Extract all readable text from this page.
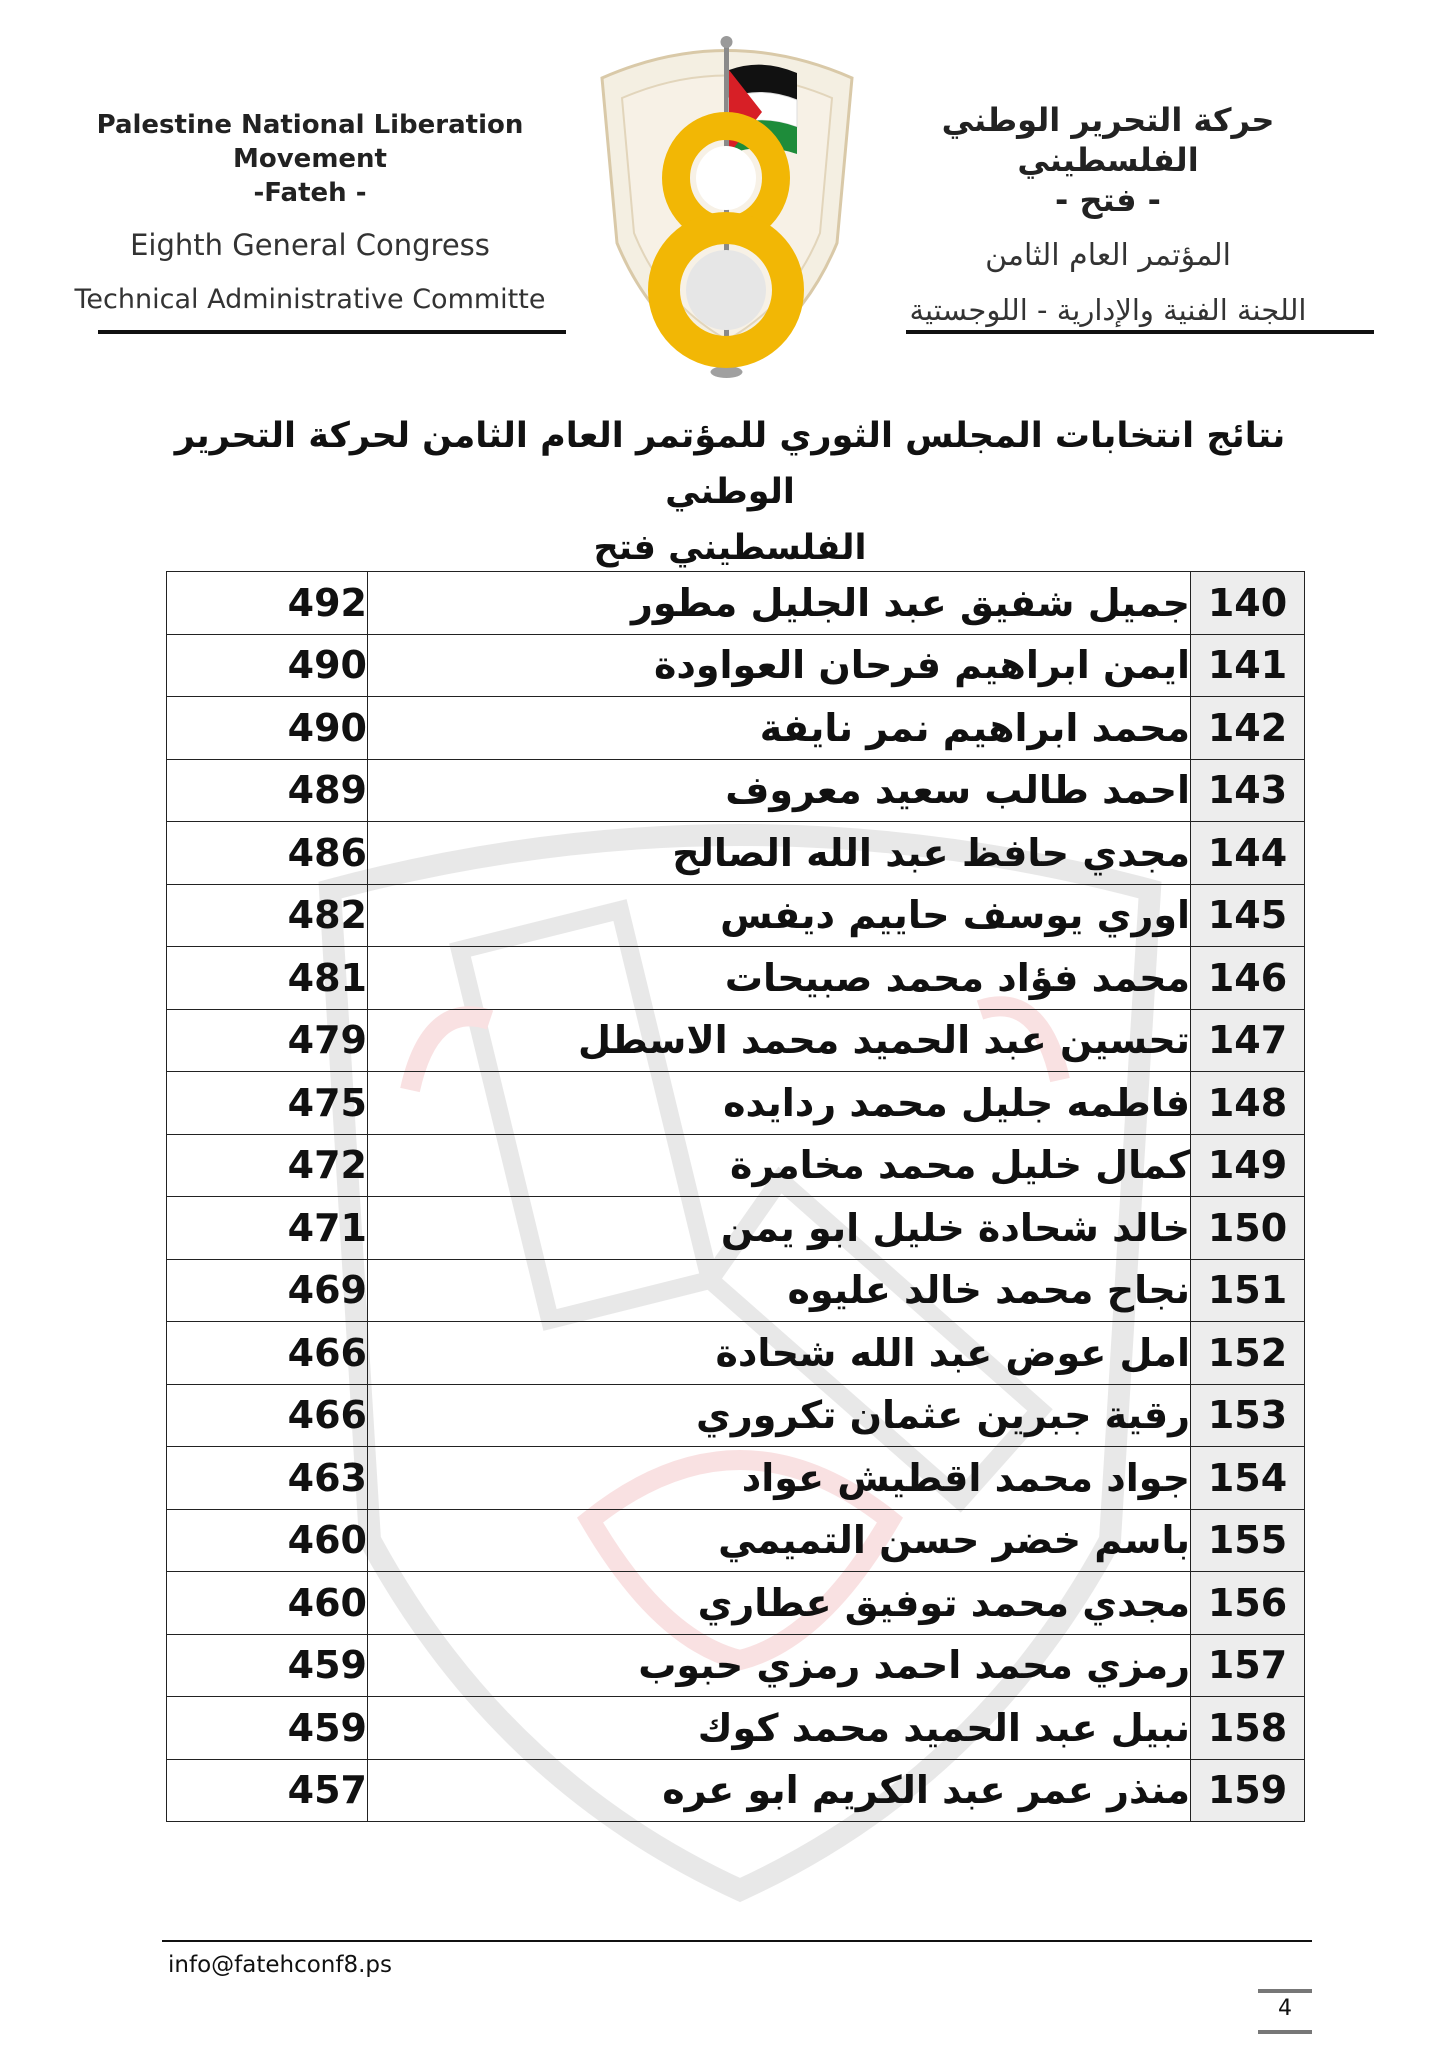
Palestine National Liberation Movement
-Fateh -
Eighth General Congress
Technical Administrative Committe
حركة التحرير الوطني الفلسطيني
- فتح -
المؤتمر العام الثامن
اللجنة الفنية والإدارية - اللوجستية
نتائج انتخابات المجلس الثوري للمؤتمر العام الثامن لحركة التحرير الوطني
الفلسطيني فتح
492	جميل شفيق عبد الجليل مطور	140
490	ايمن ابراهيم فرحان العواودة	141
490	محمد ابراهيم نمر نايفة	142
489	احمد طالب سعيد معروف	143
486	مجدي حافظ عبد الله الصالح	144
482	اوري يوسف حاييم ديفس	145
481	محمد فؤاد محمد صبيحات	146
479	تحسين عبد الحميد محمد الاسطل	147
475	فاطمه جليل محمد ردايده	148
472	كمال خليل محمد مخامرة	149
471	خالد شحادة خليل ابو يمن	150
469	نجاح محمد خالد عليوه	151
466	امل عوض عبد الله شحادة	152
466	رقية جبرين عثمان تكروري	153
463	جواد محمد اقطيش عواد	154
460	باسم خضر حسن التميمي	155
460	مجدي محمد توفيق عطاري	156
459	رمزي محمد احمد رمزي حبوب	157
459	نبيل عبد الحميد محمد كوك	158
457	منذر عمر عبد الكريم ابو عره	159
info@fatehconf8.ps
4
